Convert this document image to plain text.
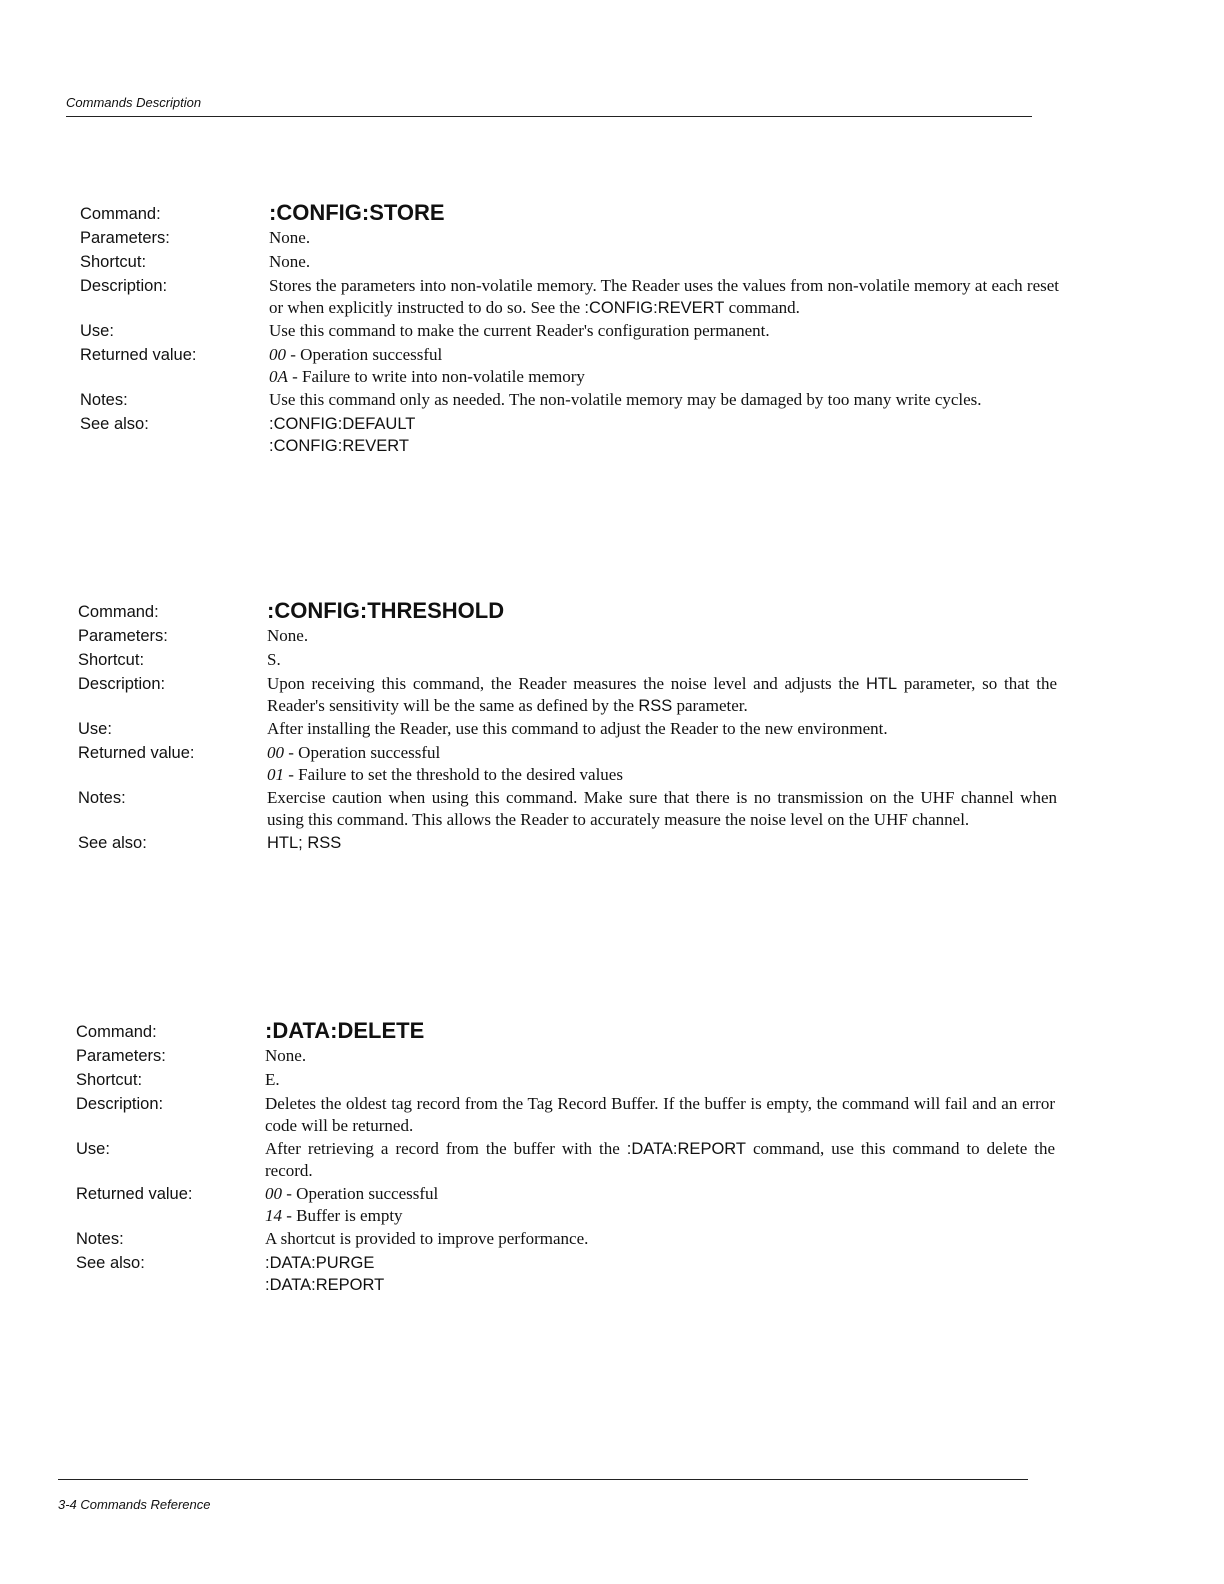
Commands Description
Command:	:CONFIG:STORE
Parameters:	None.
Shortcut:	None.
Description:	Stores the parameters into non-volatile memory. The Reader uses the values from non-volatile memory at each reset or when explicitly instructed to do so. See the :CONFIG:REVERT command.
Use:	Use this command to make the current Reader's configuration permanent.
Returned value:	00 - Operation successful
0A - Failure to write into non-volatile memory
Notes:	Use this command only as needed. The non-volatile memory may be damaged by too many write cycles.
See also:	:CONFIG:DEFAULT
:CONFIG:REVERT
Command:	:CONFIG:THRESHOLD
Parameters:	None.
Shortcut:	S.
Description:	Upon receiving this command, the Reader measures the noise level and adjusts the HTL parameter, so that the Reader's sensitivity will be the same as defined by the RSS parameter.
Use:	After installing the Reader, use this command to adjust the Reader to the new environment.
Returned value:	00 - Operation successful
01 - Failure to set the threshold to the desired values
Notes:	Exercise caution when using this command. Make sure that there is no transmission on the UHF channel when using this command. This allows the Reader to accurately measure the noise level on the UHF channel.
See also:	HTL; RSS
Command:	:DATA:DELETE
Parameters:	None.
Shortcut:	E.
Description:	Deletes the oldest tag record from the Tag Record Buffer. If the buffer is empty, the command will fail and an error code will be returned.
Use:	After retrieving a record from the buffer with the :DATA:REPORT command, use this command to delete the record.
Returned value:	00 - Operation successful
14 - Buffer is empty
Notes:	A shortcut is provided to improve performance.
See also:	:DATA:PURGE
:DATA:REPORT
3-4 Commands Reference
